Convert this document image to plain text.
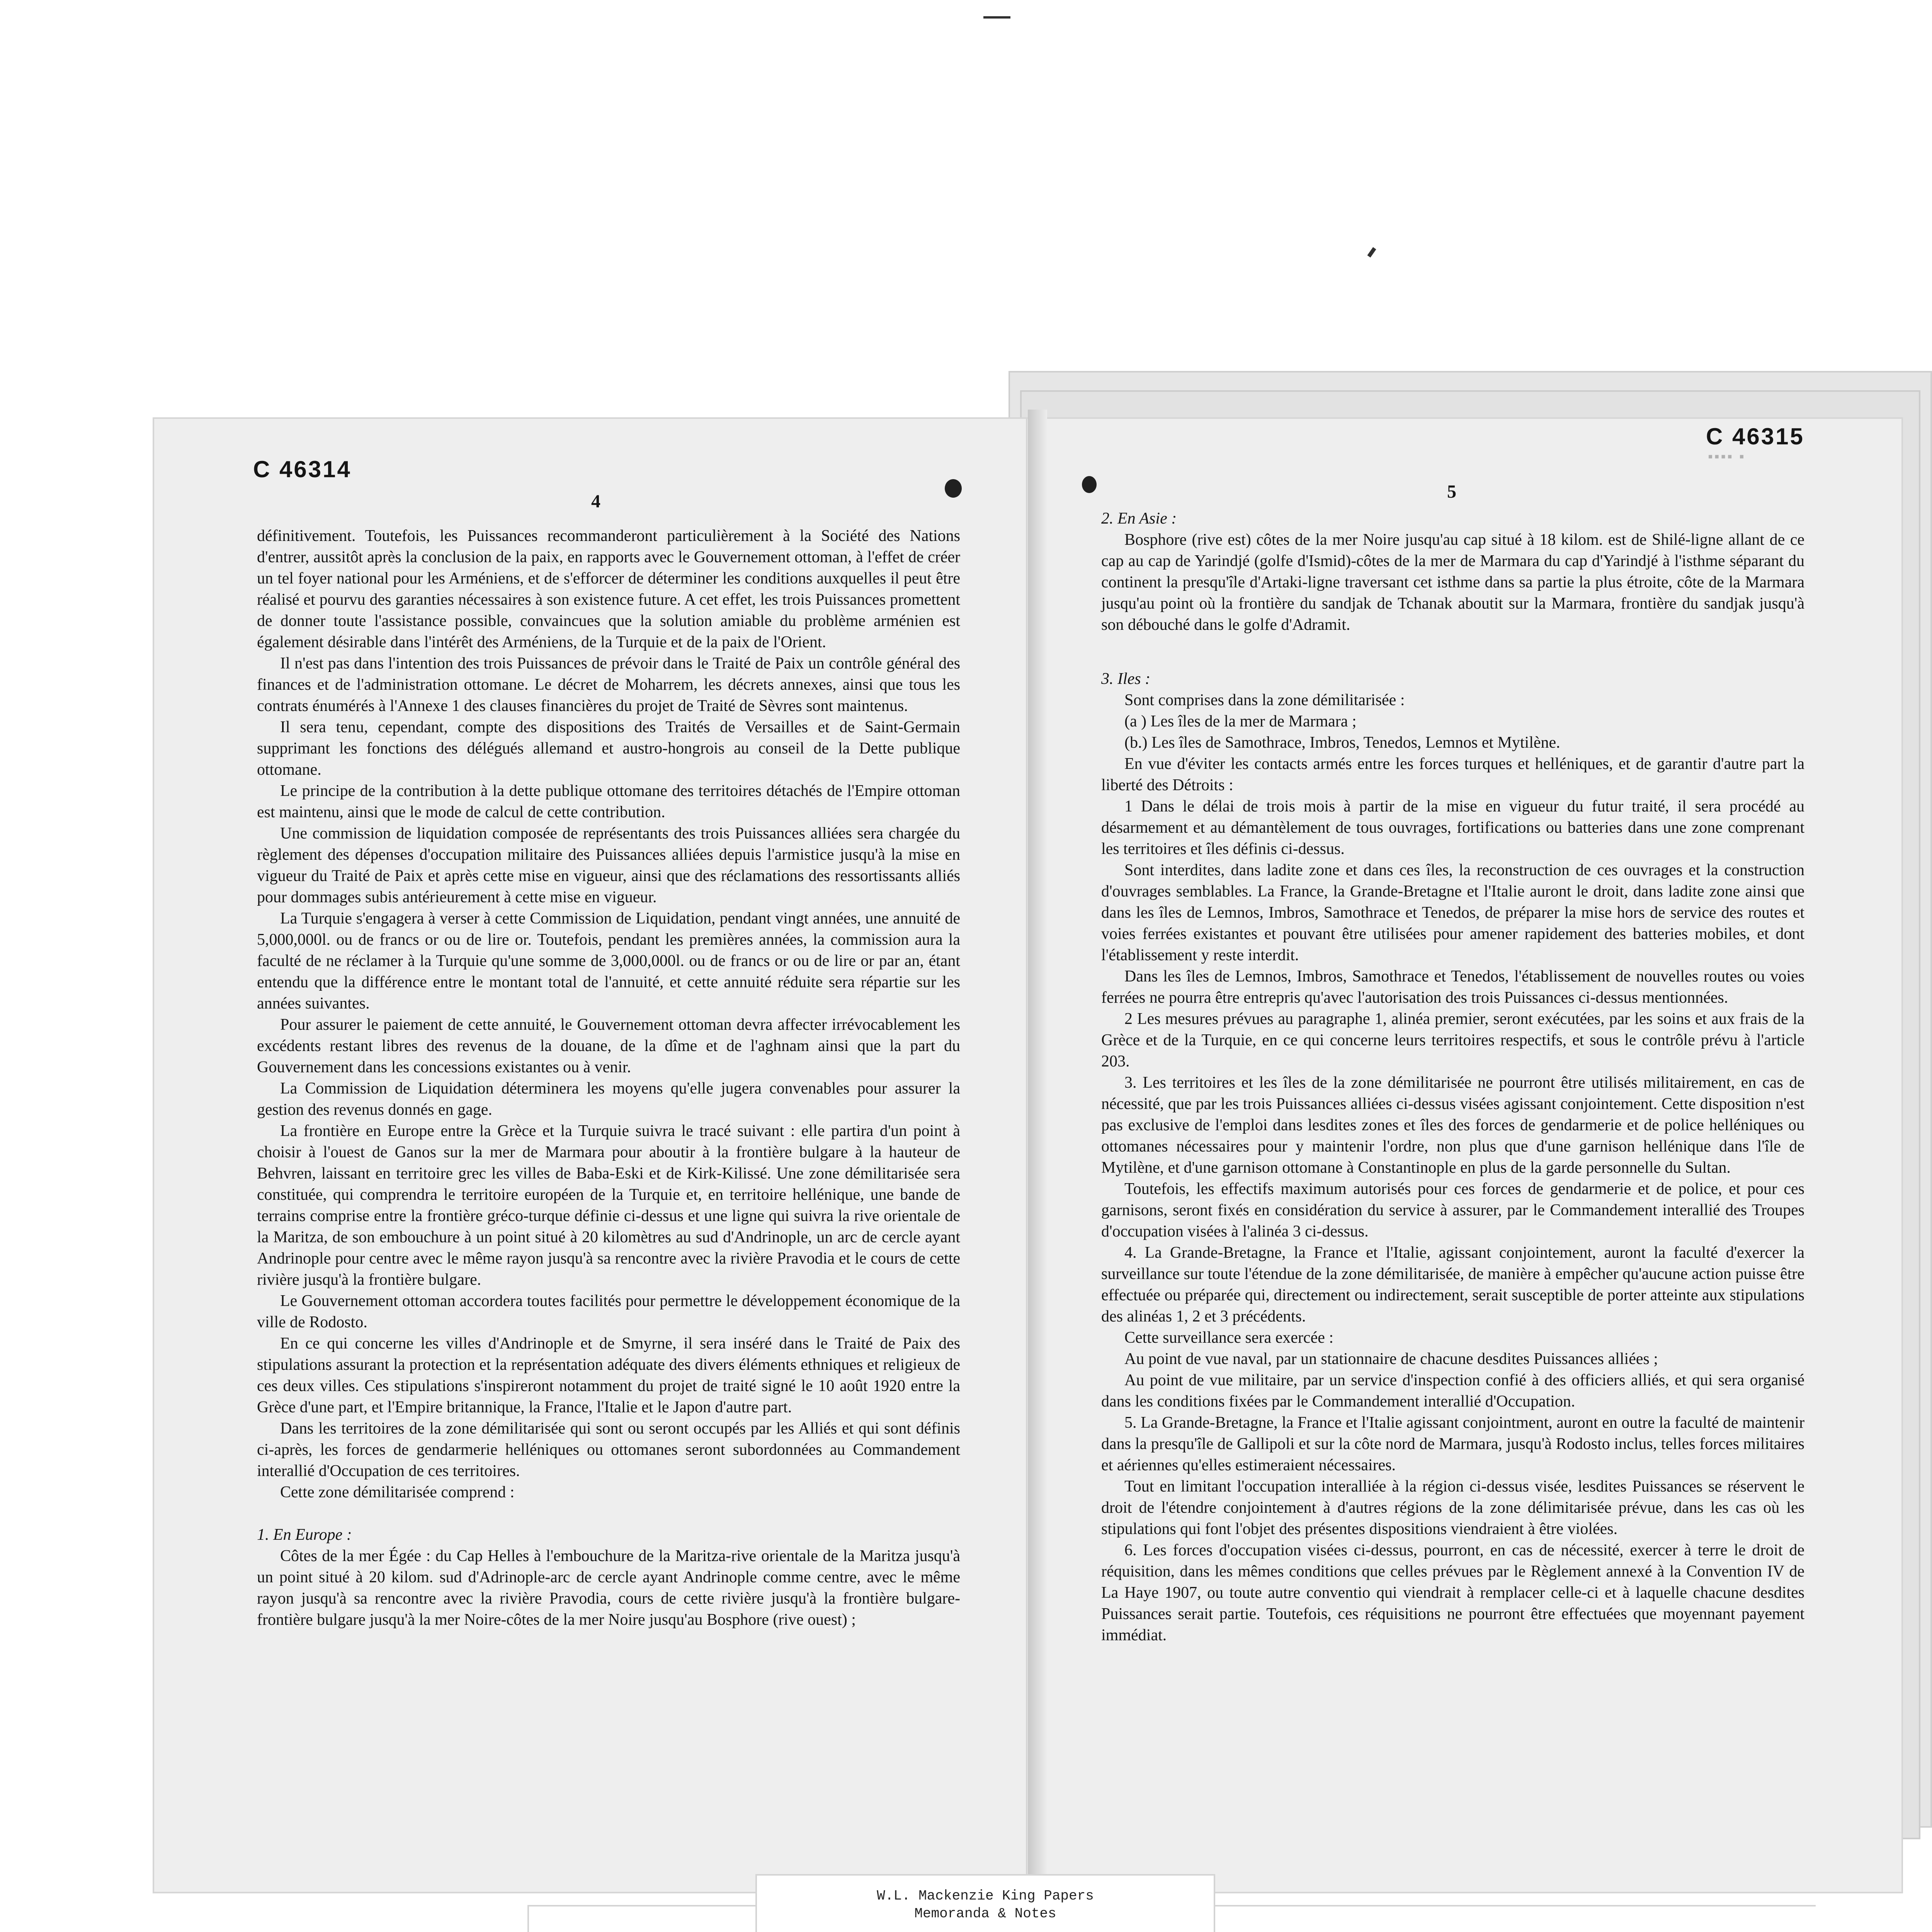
C 46314
4

définitivement. Toutefois, les Puissances recommanderont particulièrement à la Société des Nations d'entrer, aussitôt après la conclusion de la paix, en rapports avec le Gouvernement ottoman, à l'effet de créer un tel foyer national pour les Arméniens, et de s'efforcer de déterminer les conditions auxquelles il peut être réalisé et pourvu des garanties nécessaires à son existence future. A cet effet, les trois Puissances promettent de donner toute l'assistance possible, convaincues que la solution amiable du problème arménien est également désirable dans l'intérêt des Arméniens, de la Turquie et de la paix de l'Orient.

Il n'est pas dans l'intention des trois Puissances de prévoir dans le Traité de Paix un contrôle général des finances et de l'administration ottomane. Le décret de Moharrem, les décrets annexes, ainsi que tous les contrats énumérés à l'Annexe 1 des clauses financières du projet de Traité de Sèvres sont maintenus.

Il sera tenu, cependant, compte des dispositions des Traités de Versailles et de Saint-Germain supprimant les fonctions des délégués allemand et austro-hongrois au conseil de la Dette publique ottomane.

Le principe de la contribution à la dette publique ottomane des territoires détachés de l'Empire ottoman est maintenu, ainsi que le mode de calcul de cette contribution.

Une commission de liquidation composée de représentants des trois Puissances alliées sera chargée du règlement des dépenses d'occupation militaire des Puissances alliées depuis l'armistice jusqu'à la mise en vigueur du Traité de Paix et après cette mise en vigueur, ainsi que des réclamations des ressortissants alliés pour dommages subis antérieurement à cette mise en vigueur.

La Turquie s'engagera à verser à cette Commission de Liquidation, pendant vingt années, une annuité de 5,000,000l. ou de francs or ou de lire or. Toutefois, pendant les premières années, la commission aura la faculté de ne réclamer à la Turquie qu'une somme de 3,000,000l. ou de francs or ou de lire or par an, étant entendu que la différence entre le montant total de l'annuité, et cette annuité réduite sera répartie sur les années suivantes.

Pour assurer le paiement de cette annuité, le Gouvernement ottoman devra affecter irrévocablement les excédents restant libres des revenus de la douane, de la dîme et de l'aghnam ainsi que la part du Gouvernement dans les concessions existantes ou à venir.

La Commission de Liquidation déterminera les moyens qu'elle jugera convenables pour assurer la gestion des revenus donnés en gage.

La frontière en Europe entre la Grèce et la Turquie suivra le tracé suivant : elle partira d'un point à choisir à l'ouest de Ganos sur la mer de Marmara pour aboutir à la frontière bulgare à la hauteur de Behvren, laissant en territoire grec les villes de Baba-Eski et de Kirk-Kilissé. Une zone démilitarisée sera constituée, qui comprendra le territoire européen de la Turquie et, en territoire hellénique, une bande de terrains comprise entre la frontière gréco-turque définie ci-dessus et une ligne qui suivra la rive orientale de la Maritza, de son embouchure à un point situé à 20 kilomètres au sud d'Andrinople, un arc de cercle ayant Andrinople pour centre avec le même rayon jusqu'à sa rencontre avec la rivière Pravodia et le cours de cette rivière jusqu'à la frontière bulgare.

Le Gouvernement ottoman accordera toutes facilités pour permettre le développement économique de la ville de Rodosto.

En ce qui concerne les villes d'Andrinople et de Smyrne, il sera inséré dans le Traité de Paix des stipulations assurant la protection et la représentation adéquate des divers éléments ethniques et religieux de ces deux villes. Ces stipulations s'inspireront notamment du projet de traité signé le 10 août 1920 entre la Grèce d'une part, et l'Empire britannique, la France, l'Italie et le Japon d'autre part.

Dans les territoires de la zone démilitarisée qui sont ou seront occupés par les Alliés et qui sont définis ci-après, les forces de gendarmerie helléniques ou ottomanes seront subordonnées au Commandement interallié d'Occupation de ces territoires.

Cette zone démilitarisée comprend :

1. En Europe :

Côtes de la mer Égée : du Cap Helles à l'embouchure de la Maritza-rive orientale de la Maritza jusqu'à un point situé à 20 kilom. sud d'Adrinople-arc de cercle ayant Andrinople comme centre, avec le même rayon jusqu'à sa rencontre avec la rivière Pravodia, cours de cette rivière jusqu'à la frontière bulgare-frontière bulgare jusqu'à la mer Noire-côtes de la mer Noire jusqu'au Bosphore (rive ouest) ;

C 46315
▪▪▪▪ ▪
5

2. En Asie :

Bosphore (rive est) côtes de la mer Noire jusqu'au cap situé à 18 kilom. est de Shilé-ligne allant de ce cap au cap de Yarindjé (golfe d'Ismid)-côtes de la mer de Marmara du cap d'Yarindjé à l'isthme séparant du continent la presqu'île d'Artaki-ligne traversant cet isthme dans sa partie la plus étroite, côte de la Marmara jusqu'au point où la frontière du sandjak de Tchanak aboutit sur la Marmara, frontière du sandjak jusqu'à son débouché dans le golfe d'Adramit.

3. Iles :

Sont comprises dans la zone démilitarisée :

(a ) Les îles de la mer de Marmara ;

(b.) Les îles de Samothrace, Imbros, Tenedos, Lemnos et Mytilène.

En vue d'éviter les contacts armés entre les forces turques et helléniques, et de garantir d'autre part la liberté des Détroits :

1 Dans le délai de trois mois à partir de la mise en vigueur du futur traité, il sera procédé au désarmement et au démantèlement de tous ouvrages, fortifications ou batteries dans une zone comprenant les territoires et îles définis ci-dessus.

Sont interdites, dans ladite zone et dans ces îles, la reconstruction de ces ouvrages et la construction d'ouvrages semblables. La France, la Grande-Bretagne et l'Italie auront le droit, dans ladite zone ainsi que dans les îles de Lemnos, Imbros, Samothrace et Tenedos, de préparer la mise hors de service des routes et voies ferrées existantes et pouvant être utilisées pour amener rapidement des batteries mobiles, et dont l'établissement y reste interdit.

Dans les îles de Lemnos, Imbros, Samothrace et Tenedos, l'établissement de nouvelles routes ou voies ferrées ne pourra être entrepris qu'avec l'autorisation des trois Puissances ci-dessus mentionnées.

2 Les mesures prévues au paragraphe 1, alinéa premier, seront exécutées, par les soins et aux frais de la Grèce et de la Turquie, en ce qui concerne leurs territoires respectifs, et sous le contrôle prévu à l'article 203.

3. Les territoires et les îles de la zone démilitarisée ne pourront être utilisés militairement, en cas de nécessité, que par les trois Puissances alliées ci-dessus visées agissant conjointement. Cette disposition n'est pas exclusive de l'emploi dans lesdites zones et îles des forces de gendarmerie et de police helléniques ou ottomanes nécessaires pour y maintenir l'ordre, non plus que d'une garnison hellénique dans l'île de Mytilène, et d'une garnison ottomane à Constantinople en plus de la garde personnelle du Sultan.

Toutefois, les effectifs maximum autorisés pour ces forces de gendarmerie et de police, et pour ces garnisons, seront fixés en considération du service à assurer, par le Commandement interallié des Troupes d'occupation visées à l'alinéa 3 ci-dessus.

4. La Grande-Bretagne, la France et l'Italie, agissant conjointement, auront la faculté d'exercer la surveillance sur toute l'étendue de la zone démilitarisée, de manière à empêcher qu'aucune action puisse être effectuée ou préparée qui, directement ou indirectement, serait susceptible de porter atteinte aux stipulations des alinéas 1, 2 et 3 précédents.

Cette surveillance sera exercée :

Au point de vue naval, par un stationnaire de chacune desdites Puissances alliées ;

Au point de vue militaire, par un service d'inspection confié à des officiers alliés, et qui sera organisé dans les conditions fixées par le Commandement interallié d'Occupation.

5. La Grande-Bretagne, la France et l'Italie agissant conjointment, auront en outre la faculté de maintenir dans la presqu'île de Gallipoli et sur la côte nord de Marmara, jusqu'à Rodosto inclus, telles forces militaires et aériennes qu'elles estimeraient nécessaires.

Tout en limitant l'occupation interalliée à la région ci-dessus visée, lesdites Puissances se réservent le droit de l'étendre conjointement à d'autres régions de la zone délimitarisée prévue, dans les cas où les stipulations qui font l'objet des présentes dispositions viendraient à être violées.

6. Les forces d'occupation visées ci-dessus, pourront, en cas de nécessité, exercer à terre le droit de réquisition, dans les mêmes conditions que celles prévues par le Règlement annexé à la Convention IV de La Haye 1907, ou toute autre conventio qui viendrait à remplacer celle-ci et à laquelle chacune desdites Puissances serait partie. Toutefois, ces réquisitions ne pourront être effectuées que moyennant payement immédiat.

W.L. Mackenzie King Papers
Memoranda & Notes
